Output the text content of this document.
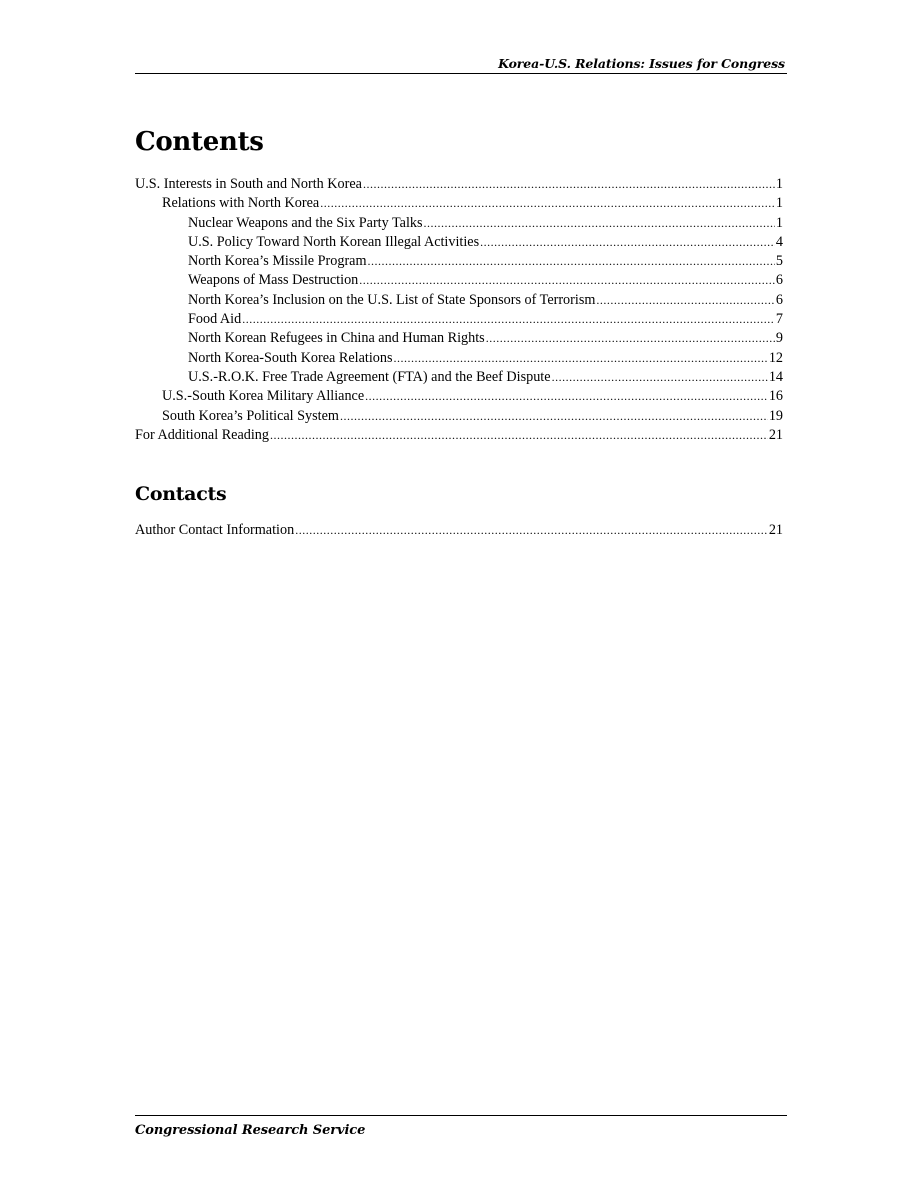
Korea-U.S. Relations: Issues for Congress
Contents
U.S. Interests in South and North Korea .....	1
Relations with North Korea .....	1
Nuclear Weapons and the Six Party Talks .....	1
U.S. Policy Toward North Korean Illegal Activities .....	4
North Korea’s Missile Program .....	5
Weapons of Mass Destruction .....	6
North Korea’s Inclusion on the U.S. List of State Sponsors of Terrorism .....	6
Food Aid .....	7
North Korean Refugees in China and Human Rights .....	9
North Korea-South Korea Relations .....	12
U.S.-R.O.K. Free Trade Agreement (FTA) and the Beef Dispute .....	14
U.S.-South Korea Military Alliance .....	16
South Korea’s Political System .....	19
For Additional Reading .....	21
Contacts
Author Contact Information .....	21
Congressional Research Service
